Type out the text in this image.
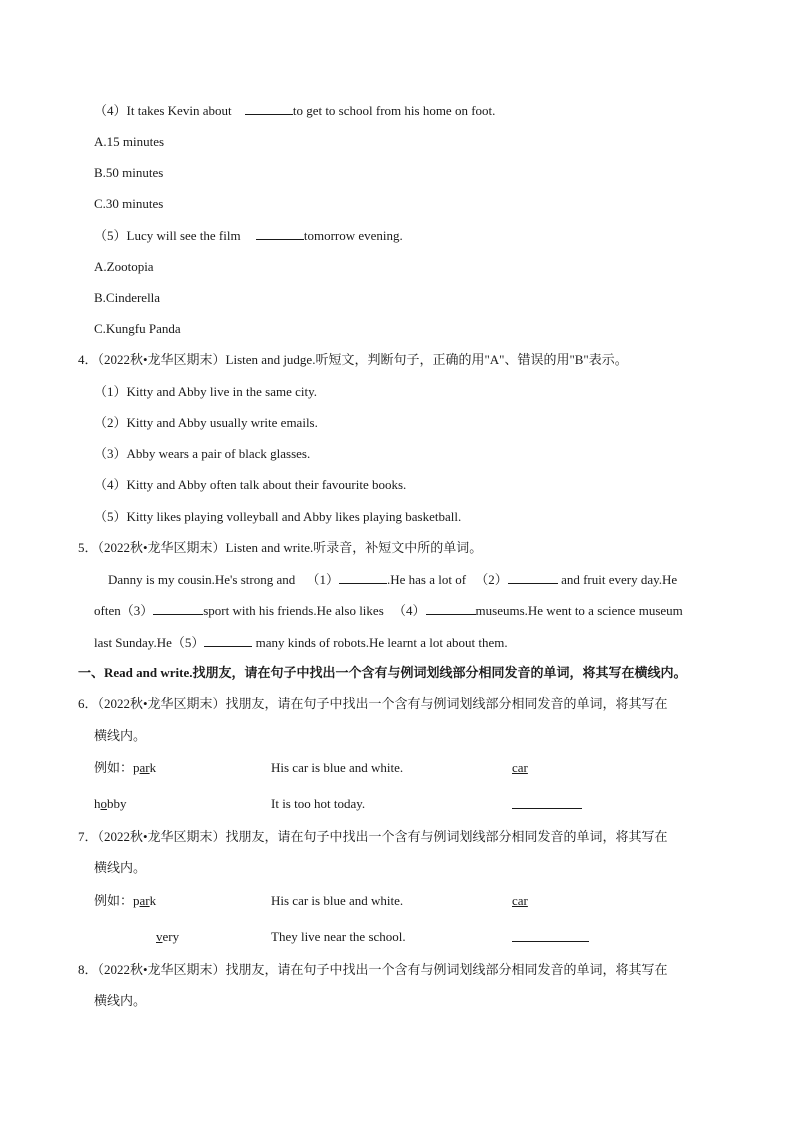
（4）It takes Kevin about	to get to school from his home on foot.
A.15 minutes
B.50 minutes
C.30 minutes
（5）Lucy will see the film	tomorrow evening.
A.Zootopia
B.Cinderella
C.Kungfu Panda
4．（2022秋•龙华区期末）Listen and judge.听短文，判断句子，正确的用"A"、错误的用"B"表示。
（1）Kitty and Abby live in the same city.
（2）Kitty and Abby usually write emails.
（3）Abby wears a pair of black glasses.
（4）Kitty and Abby often talk about their favourite books.
（5）Kitty likes playing volleyball and Abby likes playing basketball.
5．（2022秋•龙华区期末）Listen and write.听录音，补短文中所的单词。
Danny is my cousin.He's strong and （1）	.He has a lot of （2）	and fruit every day.He
often（3）	sport with his friends.He also likes （4）	museums.He went to a science museum
last Sunday.He（5）	many kinds of robots.He learnt a lot about them.
一、Read and write.找朋友，请在句子中找出一个含有与例词划线部分相同发音的单词，将其写在横线内。
6．（2022秋•龙华区期末）找朋友，请在句子中找出一个含有与例词划线部分相同发音的单词，将其写在
横线内。
例如：park	His car is blue and white.	car
hobby	It is too hot today.
7．（2022秋•龙华区期末）找朋友，请在句子中找出一个含有与例词划线部分相同发音的单词，将其写在
横线内。
例如：park	His car is blue and white.	car
very	They live near the school.
8．（2022秋•龙华区期末）找朋友，请在句子中找出一个含有与例词划线部分相同发音的单词，将其写在
横线内。
